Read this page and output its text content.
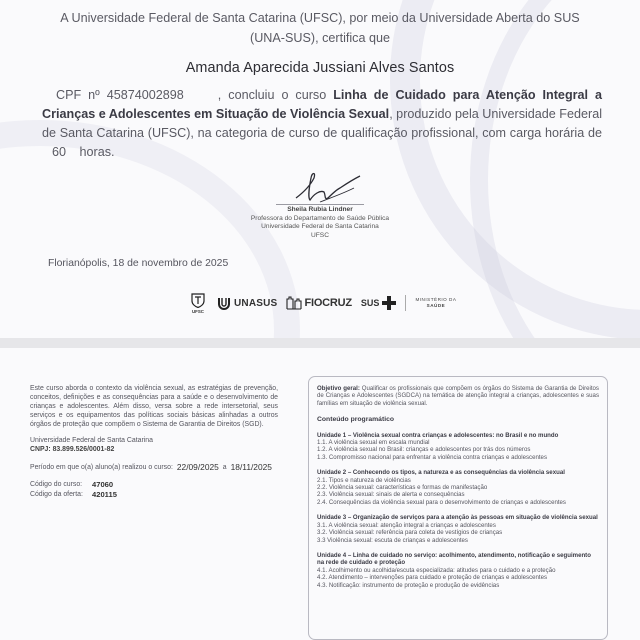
A Universidade Federal de Santa Catarina (UFSC), por meio da Universidade Aberta do SUS
(UNA-SUS), certifica que
Amanda Aparecida Jussiani Alves Santos
CPF nº 45874002898	, concluiu o curso Linha de Cuidado para Atenção Integral a Crianças e Adolescentes em Situação de Violência Sexual, produzido pela Universidade Federal de Santa Catarina (UFSC), na categoria de curso de qualificação profissional, com carga horária de 60 horas.
Sheila Rubia Lindner
Professora do Departamento de Saúde Pública
Universidade Federal de Santa Catarina
UFSC
Florianópolis, 18 de novembro de 2025
UFSC
UNASUS FIOCRUZ SUS	MINISTÉRIO DA
SAÚDE
Este curso aborda o contexto da violência sexual, as estratégias de prevenção, conceitos, definições e as consequências para a saúde e o desenvolvimento de crianças e adolescentes. Além disso, versa sobre a rede intersetorial, seus serviços e os equipamentos das políticas sociais básicas alinhadas a outros órgãos de proteção que compõem o Sistema de Garantia de Direitos (SGD).
Universidade Federal de Santa Catarina
CNPJ: 83.899.526/0001-82
Período em que o(a) aluno(a) realizou o curso: 22/09/2025 a 18/11/2025
Código do curso: 47060
Código da oferta: 420115
Objetivo geral: Qualificar os profissionais que compõem os órgãos do Sistema de Garantia de Direitos de Crianças e Adolescentes (SGDCA) na temática de atenção integral a crianças, adolescentes e suas famílias em situação de violência sexual.
Conteúdo programático
Unidade 1 – Violência sexual contra crianças e adolescentes: no Brasil e no mundo
1.1. A violência sexual em escala mundial
1.2. A violência sexual no Brasil: crianças e adolescentes por trás dos números
1.3. Compromisso nacional para enfrentar a violência contra crianças e adolescentes
Unidade 2 – Conhecendo os tipos, a natureza e as consequências da violência sexual
2.1. Tipos e natureza de violências
2.2. Violência sexual: características e formas de manifestação
2.3. Violência sexual: sinais de alerta e consequências
2.4. Consequências da violência sexual para o desenvolvimento de crianças e adolescentes
Unidade 3 – Organização de serviços para a atenção às pessoas em situação de violência sexual
3.1. A violência sexual: atenção integral a crianças e adolescentes
3.2. Violência sexual: referência para coleta de vestígios de crianças
3.3 Violência sexual: escuta de crianças e adolescentes
Unidade 4 – Linha de cuidado no serviço: acolhimento, atendimento, notificação e seguimento na rede de cuidado e proteção
4.1. Acolhimento ou acolhida/escuta especializada: atitudes para o cuidado e a proteção
4.2. Atendimento – intervenções para cuidado e proteção de crianças e adolescentes
4.3. Notificação: instrumento de proteção e produção de evidências
